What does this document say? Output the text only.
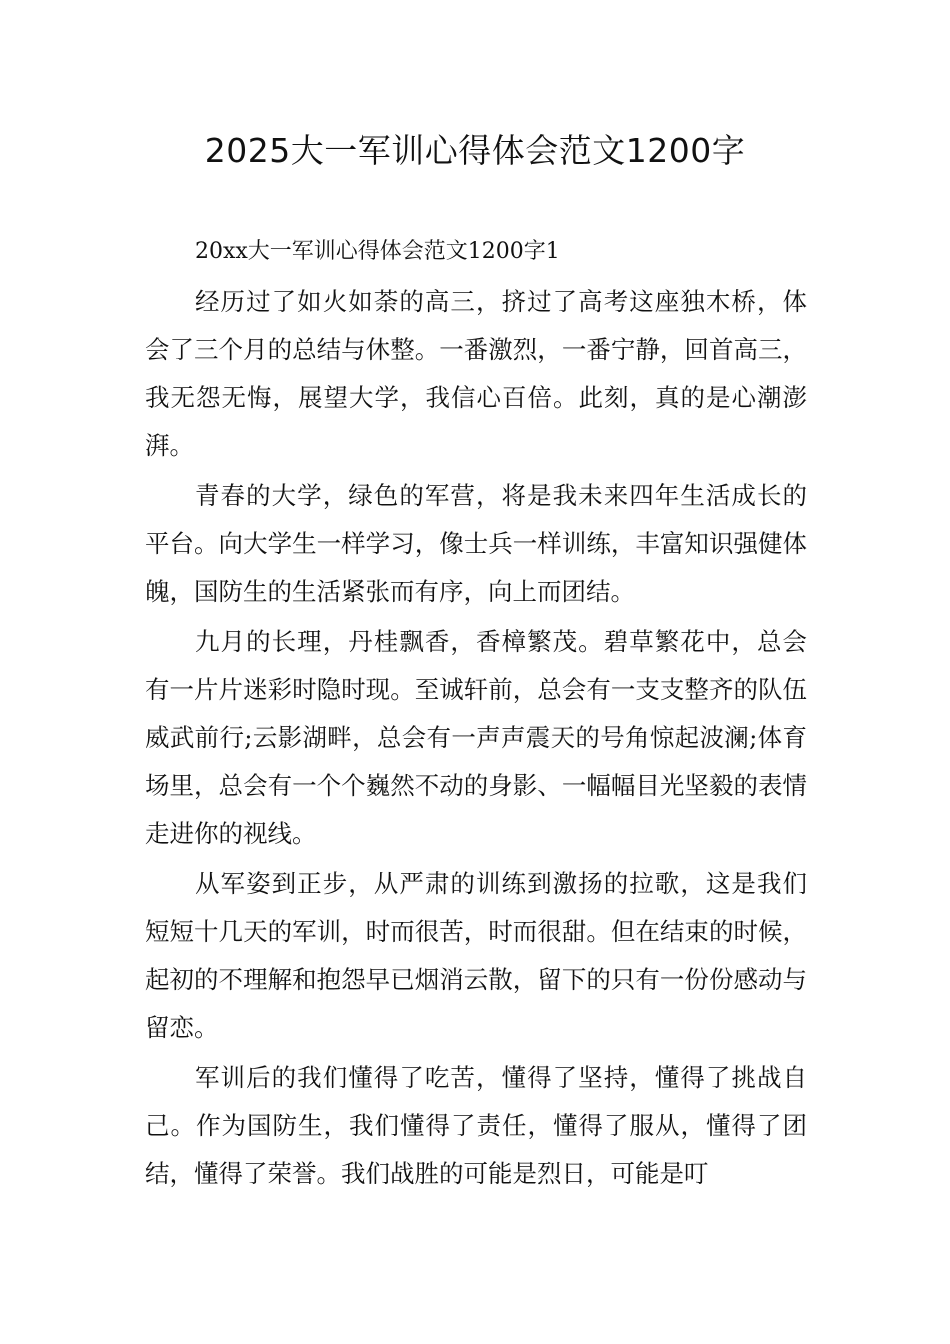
2025大一军训心得体会范文1200字

20xx大一军训心得体会范文1200字1

经历过了如火如荼的高三，挤过了高考这座独木桥，体会了三个月的总结与休整。一番激烈，一番宁静，回首高三，我无怨无悔，展望大学，我信心百倍。此刻，真的是心潮澎湃。

青春的大学，绿色的军营，将是我未来四年生活成长的平台。向大学生一样学习，像士兵一样训练，丰富知识强健体魄，国防生的生活紧张而有序，向上而团结。

九月的长理，丹桂飘香，香樟繁茂。碧草繁花中，总会有一片片迷彩时隐时现。至诚轩前，总会有一支支整齐的队伍威武前行;云影湖畔，总会有一声声震天的号角惊起波澜;体育场里，总会有一个个巍然不动的身影、一幅幅目光坚毅的表情走进你的视线。

从军姿到正步，从严肃的训练到激扬的拉歌，这是我们短短十几天的军训，时而很苦，时而很甜。但在结束的时候，起初的不理解和抱怨早已烟消云散，留下的只有一份份感动与留恋。

军训后的我们懂得了吃苦，懂得了坚持，懂得了挑战自己。作为国防生，我们懂得了责任，懂得了服从，懂得了团结，懂得了荣誉。我们战胜的可能是烈日，可能是叮
